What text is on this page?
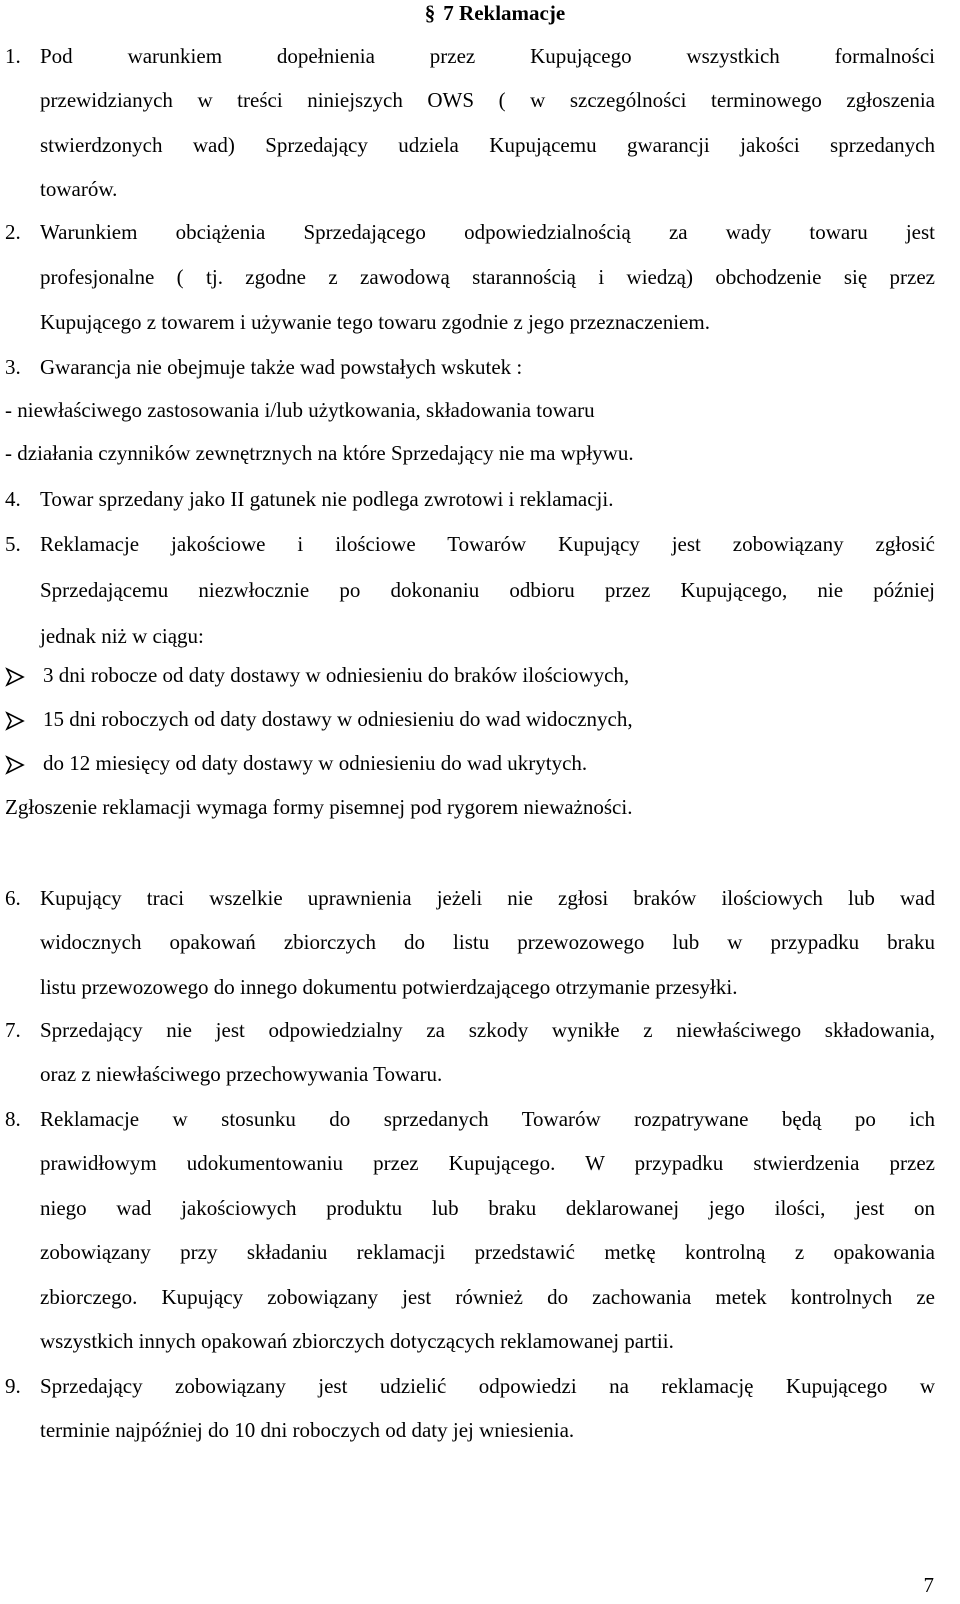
§ 7 Reklamacje
1. Pod warunkiem dopełnienia przez Kupującego wszystkich formalności
przewidzianych w treści niniejszych OWS ( w szczególności terminowego zgłoszenia
stwierdzonych wad) Sprzedający udziela Kupującemu gwarancji jakości sprzedanych
towarów.
2. Warunkiem obciążenia Sprzedającego odpowiedzialnością za wady towaru jest
profesjonalne ( tj. zgodne z zawodową starannością i wiedzą) obchodzenie się przez
Kupującego z towarem i używanie tego towaru zgodnie z jego przeznaczeniem.
3. Gwarancja nie obejmuje także wad powstałych wskutek :
- niewłaściwego zastosowania i/lub użytkowania, składowania towaru
- działania czynników zewnętrznych na które Sprzedający nie ma wpływu.
4. Towar sprzedany jako II gatunek nie podlega zwrotowi i reklamacji.
5. Reklamacje jakościowe i ilościowe Towarów Kupujący jest zobowiązany zgłosić
Sprzedającemu niezwłocznie po dokonaniu odbioru przez Kupującego, nie później
jednak niż w ciągu:
3 dni robocze od daty dostawy w odniesieniu do braków ilościowych,
15 dni roboczych od daty dostawy w odniesieniu do wad widocznych,
do 12 miesięcy od daty dostawy w odniesieniu do wad ukrytych.
Zgłoszenie reklamacji wymaga formy pisemnej pod rygorem nieważności.
6. Kupujący traci wszelkie uprawnienia jeżeli nie zgłosi braków ilościowych lub wad
widocznych opakowań zbiorczych do listu przewozowego lub w przypadku braku
listu przewozowego do innego dokumentu potwierdzającego otrzymanie przesyłki.
7. Sprzedający nie jest odpowiedzialny za szkody wynikłe z niewłaściwego składowania,
oraz z niewłaściwego przechowywania Towaru.
8. Reklamacje w stosunku do sprzedanych Towarów rozpatrywane będą po ich
prawidłowym udokumentowaniu przez Kupującego. W przypadku stwierdzenia przez
niego wad jakościowych produktu lub braku deklarowanej jego ilości, jest on
zobowiązany przy składaniu reklamacji przedstawić metkę kontrolną z opakowania
zbiorczego. Kupujący zobowiązany jest również do zachowania metek kontrolnych ze
wszystkich innych opakowań zbiorczych dotyczących reklamowanej partii.
9. Sprzedający zobowiązany jest udzielić odpowiedzi na reklamację Kupującego w
terminie najpóźniej do 10 dni roboczych od daty jej wniesienia.
7
